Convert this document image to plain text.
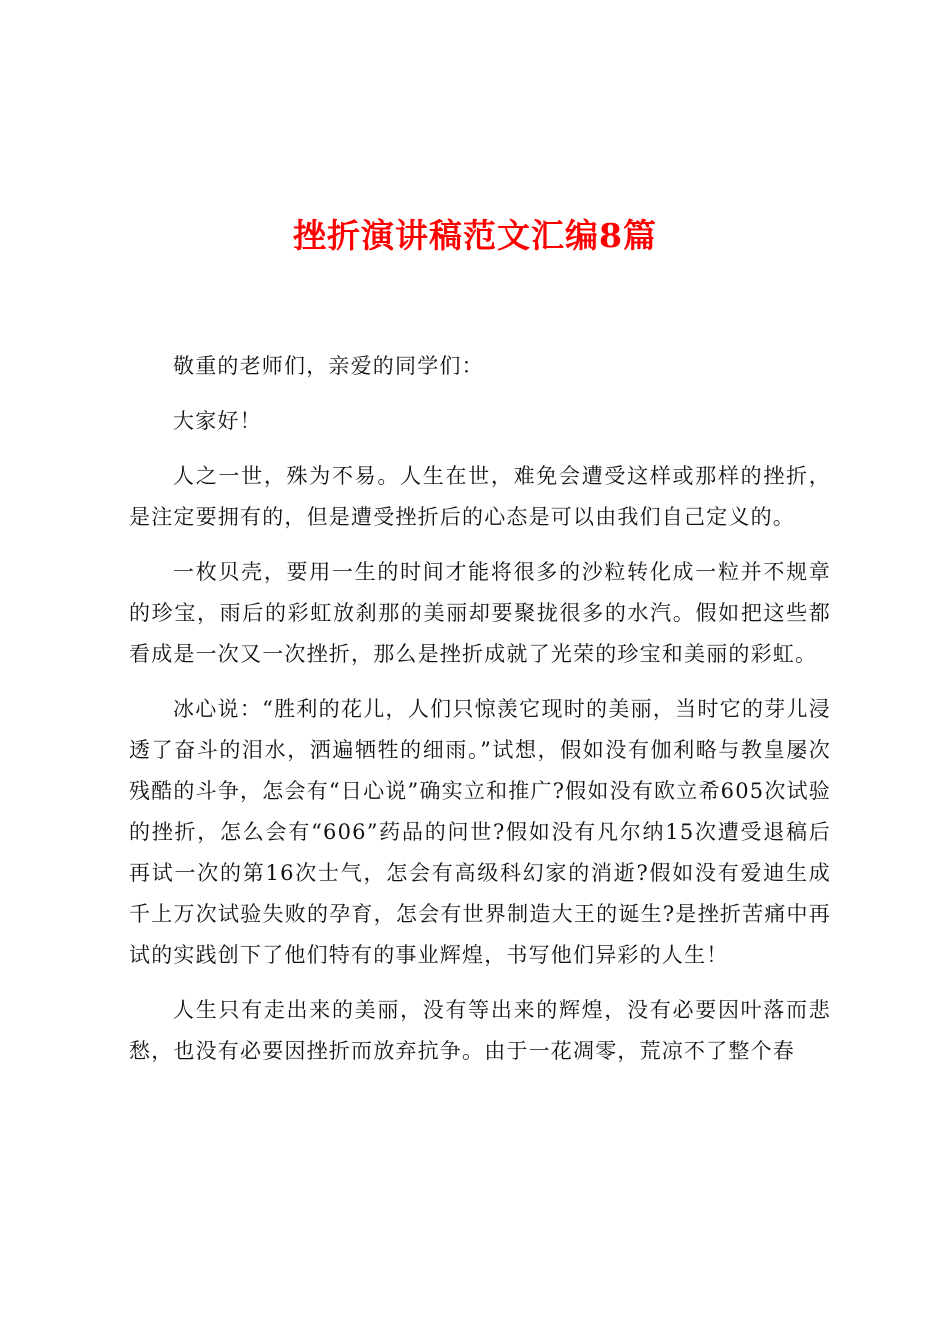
挫折演讲稿范文汇编8篇

敬重的老师们，亲爱的同学们：

大家好！

人之一世，殊为不易。人生在世，难免会遭受这样或那样的挫折，是注定要拥有的，但是遭受挫折后的心态是可以由我们自己定义的。

一枚贝壳，要用一生的时间才能将很多的沙粒转化成一粒并不规章的珍宝，雨后的彩虹放刹那的美丽却要聚拢很多的水汽。假如把这些都看成是一次又一次挫折，那么是挫折成就了光荣的珍宝和美丽的彩虹。

冰心说：“胜利的花儿，人们只惊羡它现时的美丽，当时它的芽儿浸透了奋斗的泪水，洒遍牺牲的细雨。”试想，假如没有伽利略与教皇屡次残酷的斗争，怎会有“日心说”确实立和推广?假如没有欧立希605次试验的挫折，怎么会有“606”药品的问世?假如没有凡尔纳15次遭受退稿后再试一次的第16次士气，怎会有高级科幻家的消逝?假如没有爱迪生成千上万次试验失败的孕育，怎会有世界制造大王的诞生?是挫折苦痛中再试的实践创下了他们特有的事业辉煌，书写他们异彩的人生！

人生只有走出来的美丽，没有等出来的辉煌，没有必要因叶落而悲愁，也没有必要因挫折而放弃抗争。由于一花凋零，荒凉不了整个春
